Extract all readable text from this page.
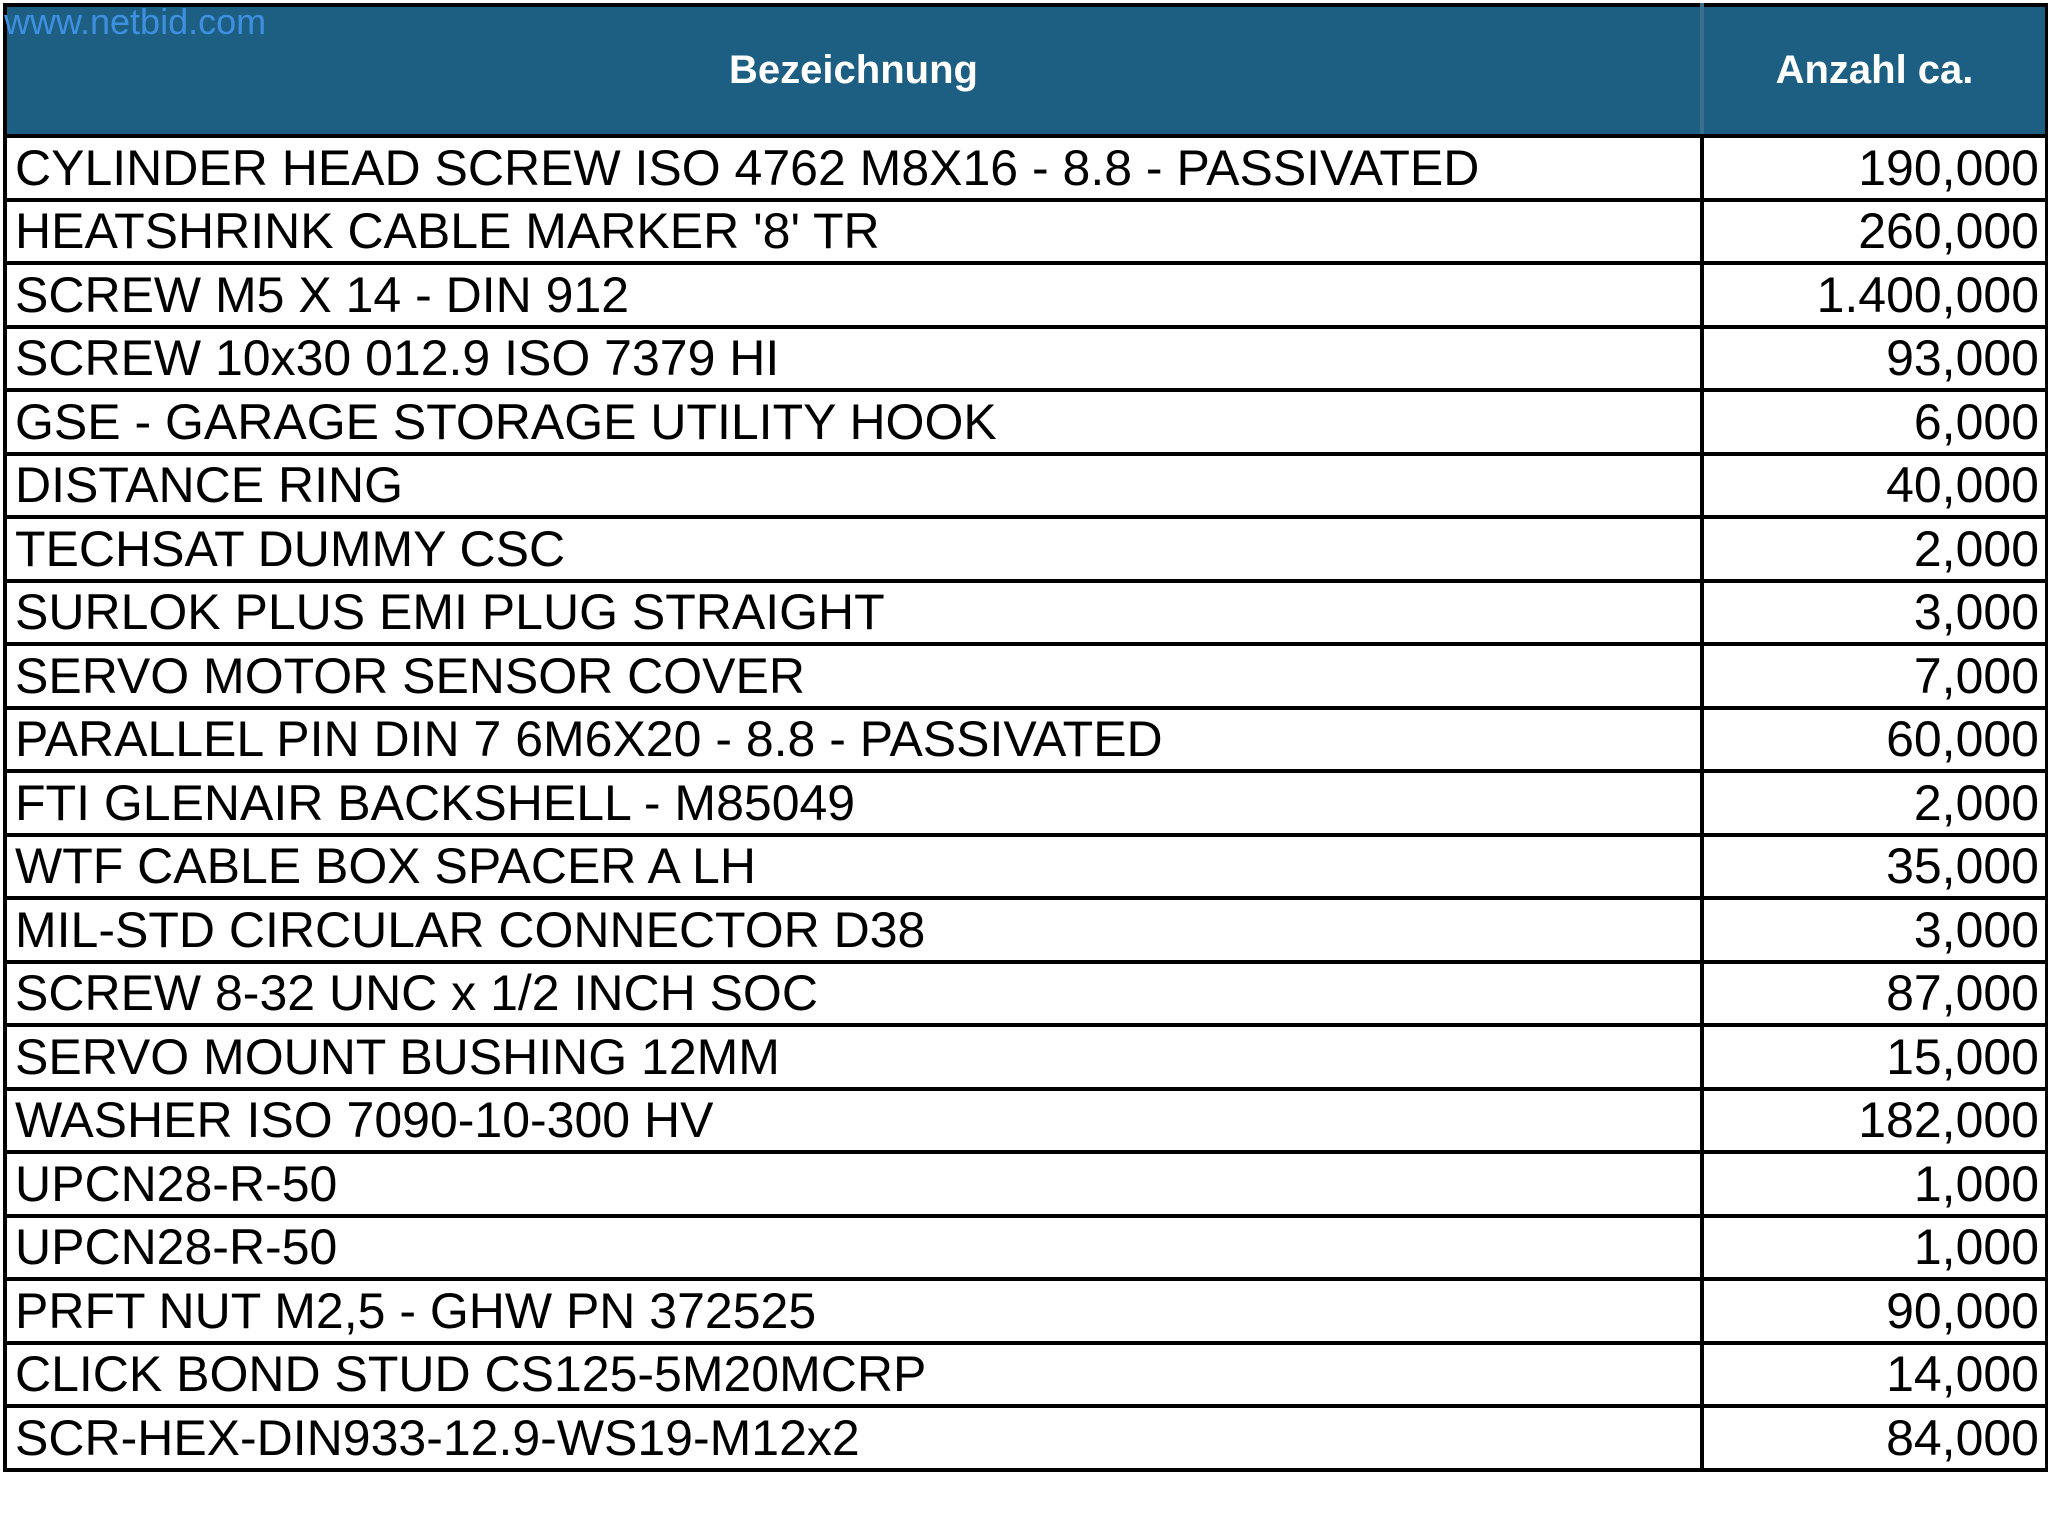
www.netbid.com
Bezeichnung	Anzahl ca.
CYLINDER HEAD SCREW ISO 4762 M8X16 - 8.8 - PASSIVATED	190,000
HEATSHRINK CABLE MARKER '8' TR	260,000
SCREW M5 X 14 - DIN 912	1.400,000
SCREW 10x30 012.9 ISO 7379 HI	93,000
GSE - GARAGE STORAGE UTILITY HOOK	6,000
DISTANCE RING	40,000
TECHSAT DUMMY CSC	2,000
SURLOK PLUS EMI PLUG STRAIGHT	3,000
SERVO MOTOR SENSOR COVER	7,000
PARALLEL PIN DIN 7 6M6X20 - 8.8 - PASSIVATED	60,000
FTI GLENAIR BACKSHELL - M85049	2,000
WTF CABLE BOX SPACER A LH	35,000
MIL-STD CIRCULAR CONNECTOR D38	3,000
SCREW 8-32 UNC x 1/2 INCH SOC	87,000
SERVO MOUNT BUSHING 12MM	15,000
WASHER ISO 7090-10-300 HV	182,000
UPCN28-R-50	1,000
UPCN28-R-50	1,000
PRFT NUT M2,5 - GHW PN 372525	90,000
CLICK BOND STUD CS125-5M20MCRP	14,000
SCR-HEX-DIN933-12.9-WS19-M12x2	84,000
